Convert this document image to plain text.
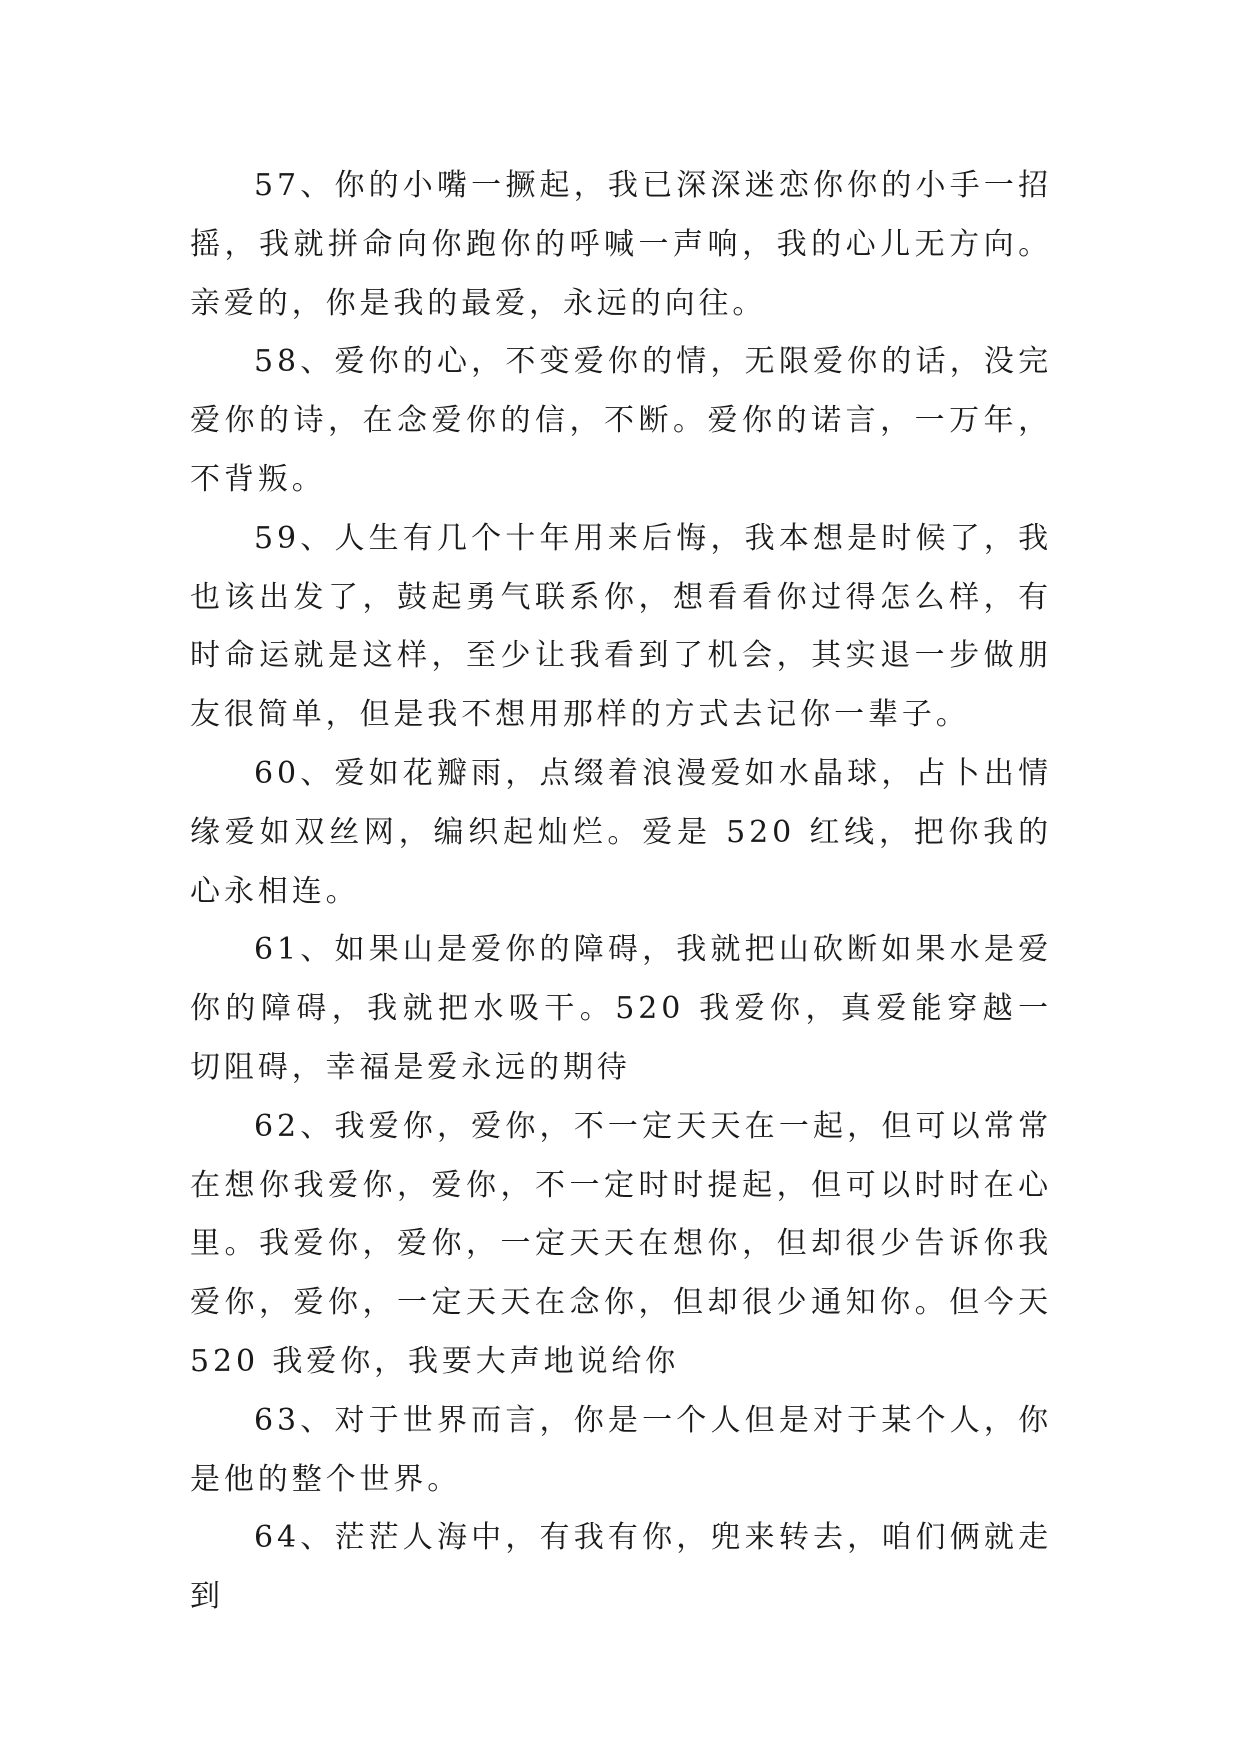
57、你的小嘴一撅起，我已深深迷恋你你的小手一招摇，我就拼命向你跑你的呼喊一声响，我的心儿无方向。亲爱的，你是我的最爱，永远的向往。

58、爱你的心，不变爱你的情，无限爱你的话，没完爱你的诗，在念爱你的信，不断。爱你的诺言，一万年，不背叛。

59、人生有几个十年用来后悔，我本想是时候了，我也该出发了，鼓起勇气联系你，想看看你过得怎么样，有时命运就是这样，至少让我看到了机会，其实退一步做朋友很简单，但是我不想用那样的方式去记你一辈子。

60、爱如花瓣雨，点缀着浪漫爱如水晶球，占卜出情缘爱如双丝网，编织起灿烂。爱是 520 红线，把你我的心永相连。

61、如果山是爱你的障碍，我就把山砍断如果水是爱你的障碍，我就把水吸干。520 我爱你，真爱能穿越一切阻碍，幸福是爱永远的期待

62、我爱你，爱你，不一定天天在一起，但可以常常在想你我爱你，爱你，不一定时时提起，但可以时时在心里。我爱你，爱你，一定天天在想你，但却很少告诉你我爱你，爱你，一定天天在念你，但却很少通知你。但今天 520 我爱你，我要大声地说给你

63、对于世界而言，你是一个人但是对于某个人，你是他的整个世界。

64、茫茫人海中，有我有你，兜来转去，咱们俩就走到
